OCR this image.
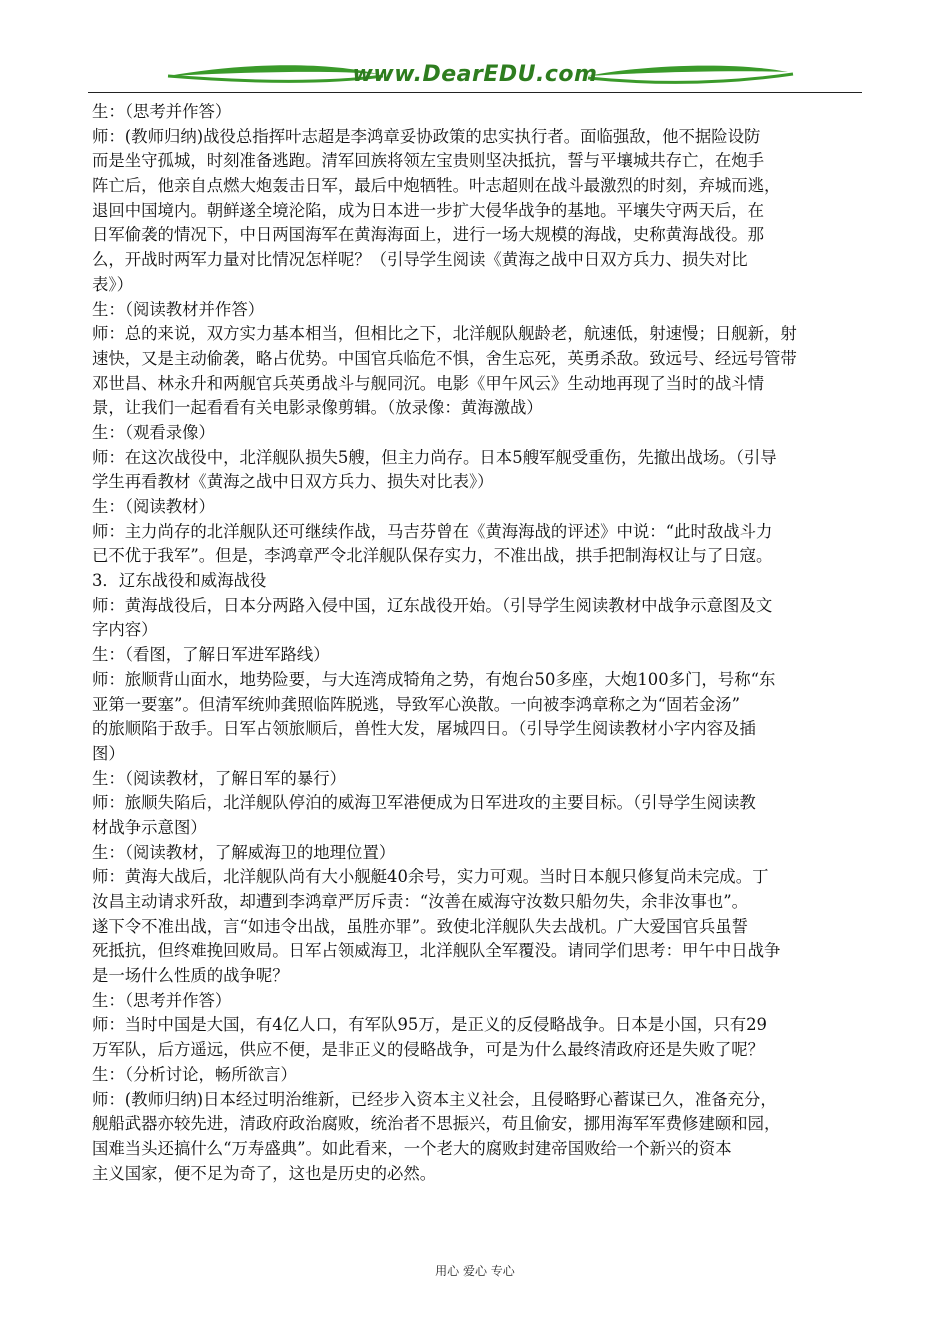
www.DearEDU.com
生：（思考并作答）
师：(教师归纳)战役总指挥叶志超是李鸿章妥协政策的忠实执行者。面临强敌，他不据险设防
而是坐守孤城，时刻准备逃跑。清军回族将领左宝贵则坚决抵抗，誓与平壤城共存亡，在炮手
阵亡后，他亲自点燃大炮轰击日军，最后中炮牺牲。叶志超则在战斗最激烈的时刻，弃城而逃，
退回中国境内。朝鲜遂全境沦陷，成为日本进一步扩大侵华战争的基地。平壤失守两天后，在
日军偷袭的情况下，中日两国海军在黄海海面上，进行一场大规模的海战，史称黄海战役。那
么，开战时两军力量对比情况怎样呢？（引导学生阅读《黄海之战中日双方兵力、损失对比
表》）
生：（阅读教材并作答）
师：总的来说，双方实力基本相当，但相比之下，北洋舰队舰龄老，航速低，射速慢；日舰新，射
速快，又是主动偷袭，略占优势。中国官兵临危不惧，舍生忘死，英勇杀敌。致远号、经远号管带
邓世昌、林永升和两舰官兵英勇战斗与舰同沉。电影《甲午风云》生动地再现了当时的战斗情
景，让我们一起看看有关电影录像剪辑。（放录像：黄海激战）
生：（观看录像）
师：在这次战役中，北洋舰队损失5艘，但主力尚存。日本5艘军舰受重伤，先撤出战场。（引导
学生再看教材《黄海之战中日双方兵力、损失对比表》）
生：（阅读教材）
师：主力尚存的北洋舰队还可继续作战，马吉芬曾在《黄海海战的评述》中说：“此时敌战斗力
已不优于我军”。但是，李鸿章严令北洋舰队保存实力，不准出战，拱手把制海权让与了日寇。
3．辽东战役和威海战役
师：黄海战役后，日本分两路入侵中国，辽东战役开始。（引导学生阅读教材中战争示意图及文
字内容）
生：（看图，了解日军进军路线）
师：旅顺背山面水，地势险要，与大连湾成犄角之势，有炮台50多座，大炮100多门，号称“东
亚第一要塞”。但清军统帅龚照临阵脱逃，导致军心涣散。一向被李鸿章称之为“固若金汤”
的旅顺陷于敌手。日军占领旅顺后，兽性大发，屠城四日。（引导学生阅读教材小字内容及插
图）
生：（阅读教材，了解日军的暴行）
师：旅顺失陷后，北洋舰队停泊的威海卫军港便成为日军进攻的主要目标。（引导学生阅读教
材战争示意图）
生：（阅读教材，了解威海卫的地理位置）
师：黄海大战后，北洋舰队尚有大小舰艇40余号，实力可观。当时日本舰只修复尚未完成。丁
汝昌主动请求歼敌，却遭到李鸿章严厉斥责：“汝善在威海守汝数只船勿失，余非汝事也”。
遂下令不准出战，言“如违令出战，虽胜亦罪”。致使北洋舰队失去战机。广大爱国官兵虽誓
死抵抗，但终难挽回败局。日军占领威海卫，北洋舰队全军覆没。请同学们思考：甲午中日战争
是一场什么性质的战争呢？
生：（思考并作答）
师：当时中国是大国，有4亿人口，有军队95万，是正义的反侵略战争。日本是小国，只有29
万军队，后方遥远，供应不便，是非正义的侵略战争，可是为什么最终清政府还是失败了呢？
生：（分析讨论，畅所欲言）
师：(教师归纳)日本经过明治维新，已经步入资本主义社会，且侵略野心蓄谋已久，准备充分，
舰船武器亦较先进，清政府政治腐败，统治者不思振兴，苟且偷安，挪用海军军费修建颐和园，
国难当头还搞什么“万寿盛典”。如此看来，一个老大的腐败封建帝国败给一个新兴的资本
主义国家，便不足为奇了，这也是历史的必然。
用心 爱心 专心
